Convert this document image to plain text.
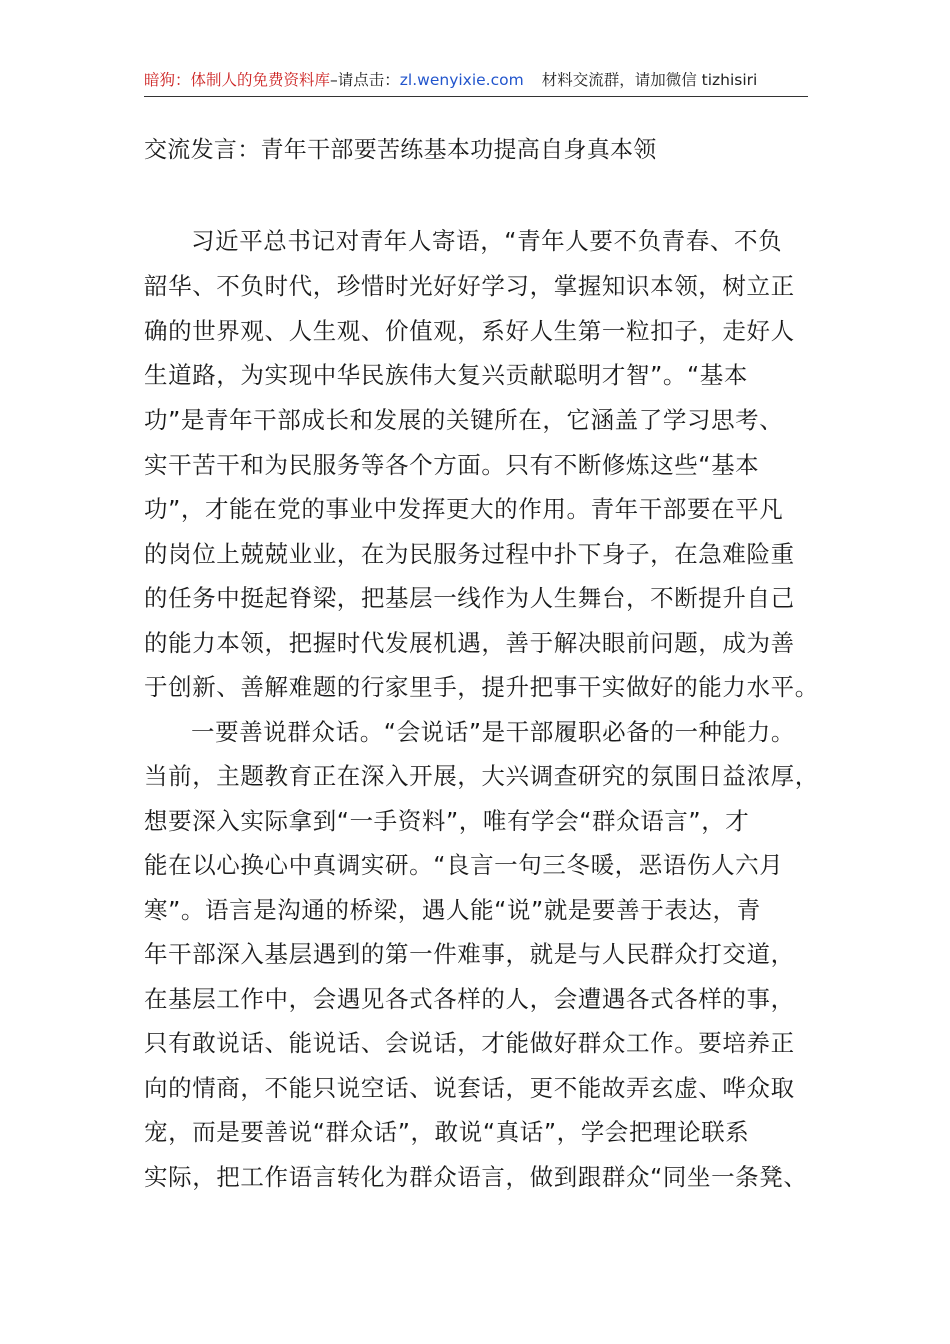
暗狗：体制人的免费资料库–请点击：zl.wenyixie.com 材料交流群，请加微信 tizhisiri
交流发言：青年干部要苦练基本功提高自身真本领
习近平总书记对青年人寄语，“青年人要不负青春、不负
韶华、不负时代，珍惜时光好好学习，掌握知识本领，树立正
确的世界观、人生观、价值观，系好人生第一粒扣子，走好人
生道路，为实现中华民族伟大复兴贡献聪明才智”。“基本
功”是青年干部成长和发展的关键所在，它涵盖了学习思考、
实干苦干和为民服务等各个方面。只有不断修炼这些“基本
功”，才能在党的事业中发挥更大的作用。青年干部要在平凡
的岗位上兢兢业业，在为民服务过程中扑下身子，在急难险重
的任务中挺起脊梁，把基层一线作为人生舞台，不断提升自己
的能力本领，把握时代发展机遇，善于解决眼前问题，成为善
于创新、善解难题的行家里手，提升把事干实做好的能力水平。
一要善说群众话。“会说话”是干部履职必备的一种能力。
当前，主题教育正在深入开展，大兴调查研究的氛围日益浓厚，
想要深入实际拿到“一手资料”，唯有学会“群众语言”，才
能在以心换心中真调实研。“良言一句三冬暖，恶语伤人六月
寒”。语言是沟通的桥梁，遇人能“说”就是要善于表达，青
年干部深入基层遇到的第一件难事，就是与人民群众打交道，
在基层工作中，会遇见各式各样的人，会遭遇各式各样的事，
只有敢说话、能说话、会说话，才能做好群众工作。要培养正
向的情商，不能只说空话、说套话，更不能故弄玄虚、哗众取
宠，而是要善说“群众话”，敢说“真话”，学会把理论联系
实际，把工作语言转化为群众语言，做到跟群众“同坐一条凳、
